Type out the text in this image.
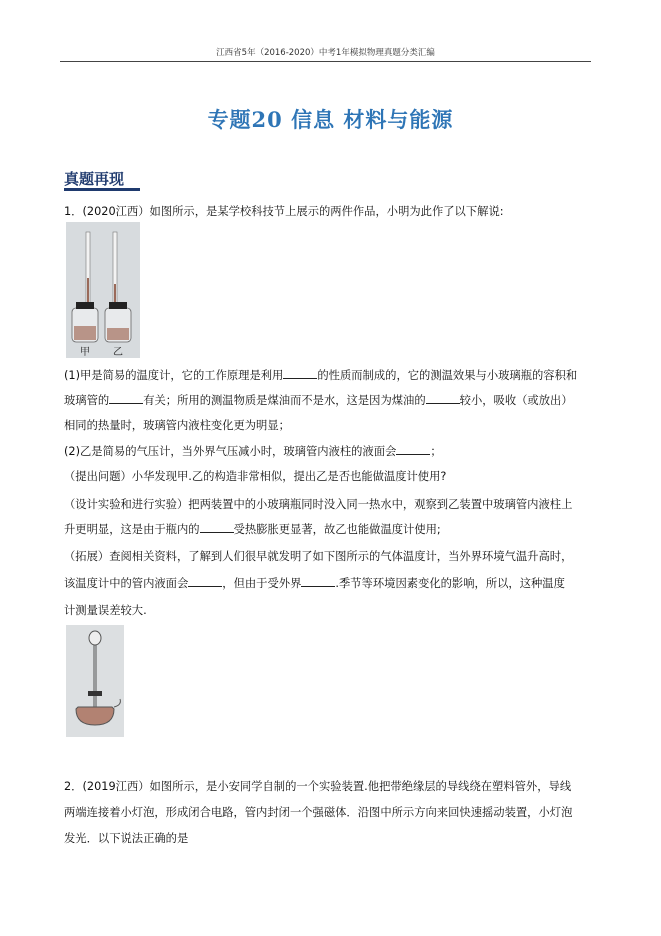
江西省5年（2016-2020）中考1年模拟物理真题分类汇编
专题20 信息 材料与能源
真题再现
1．(2020江西）如图所示，是某学校科技节上展示的两件作品，小明为此作了以下解说:
甲 乙
(1)甲是简易的温度计，它的工作原理是利用	的性质而制成的，它的测温效果与小玻璃瓶的容积和
玻璃管的	有关；所用的测温物质是煤油而不是水，这是因为煤油的	较小，吸收（或放出）
相同的热量时，玻璃管内液柱变化更为明显；
(2)乙是简易的气压计，当外界气压减小时，玻璃管内液柱的液面会	；
（提出问题）小华发现甲.乙的构造非常相似，提出乙是否也能做温度计使用?
（设计实验和进行实验）把两装置中的小玻璃瓶同时没入同一热水中，观察到乙装置中玻璃管内液柱上
升更明显，这是由于瓶内的	受热膨胀更显著，故乙也能做温度计使用;
（拓展）查阅相关资料，了解到人们很早就发明了如下图所示的气体温度计，当外界环境气温升高时，
该温度计中的管内液面会	，但由于受外界	.季节等环境因素变化的影响，所以，这种温度
计测量误差较大.
2．(2019江西）如图所示，是小安同学自制的一个实验装置.他把带绝缘层的导线绕在塑料管外，导线
两端连接着小灯泡，形成闭合电路，管内封闭一个强磁体．沿图中所示方向来回快速摇动装置，小灯泡
发光．以下说法正确的是
